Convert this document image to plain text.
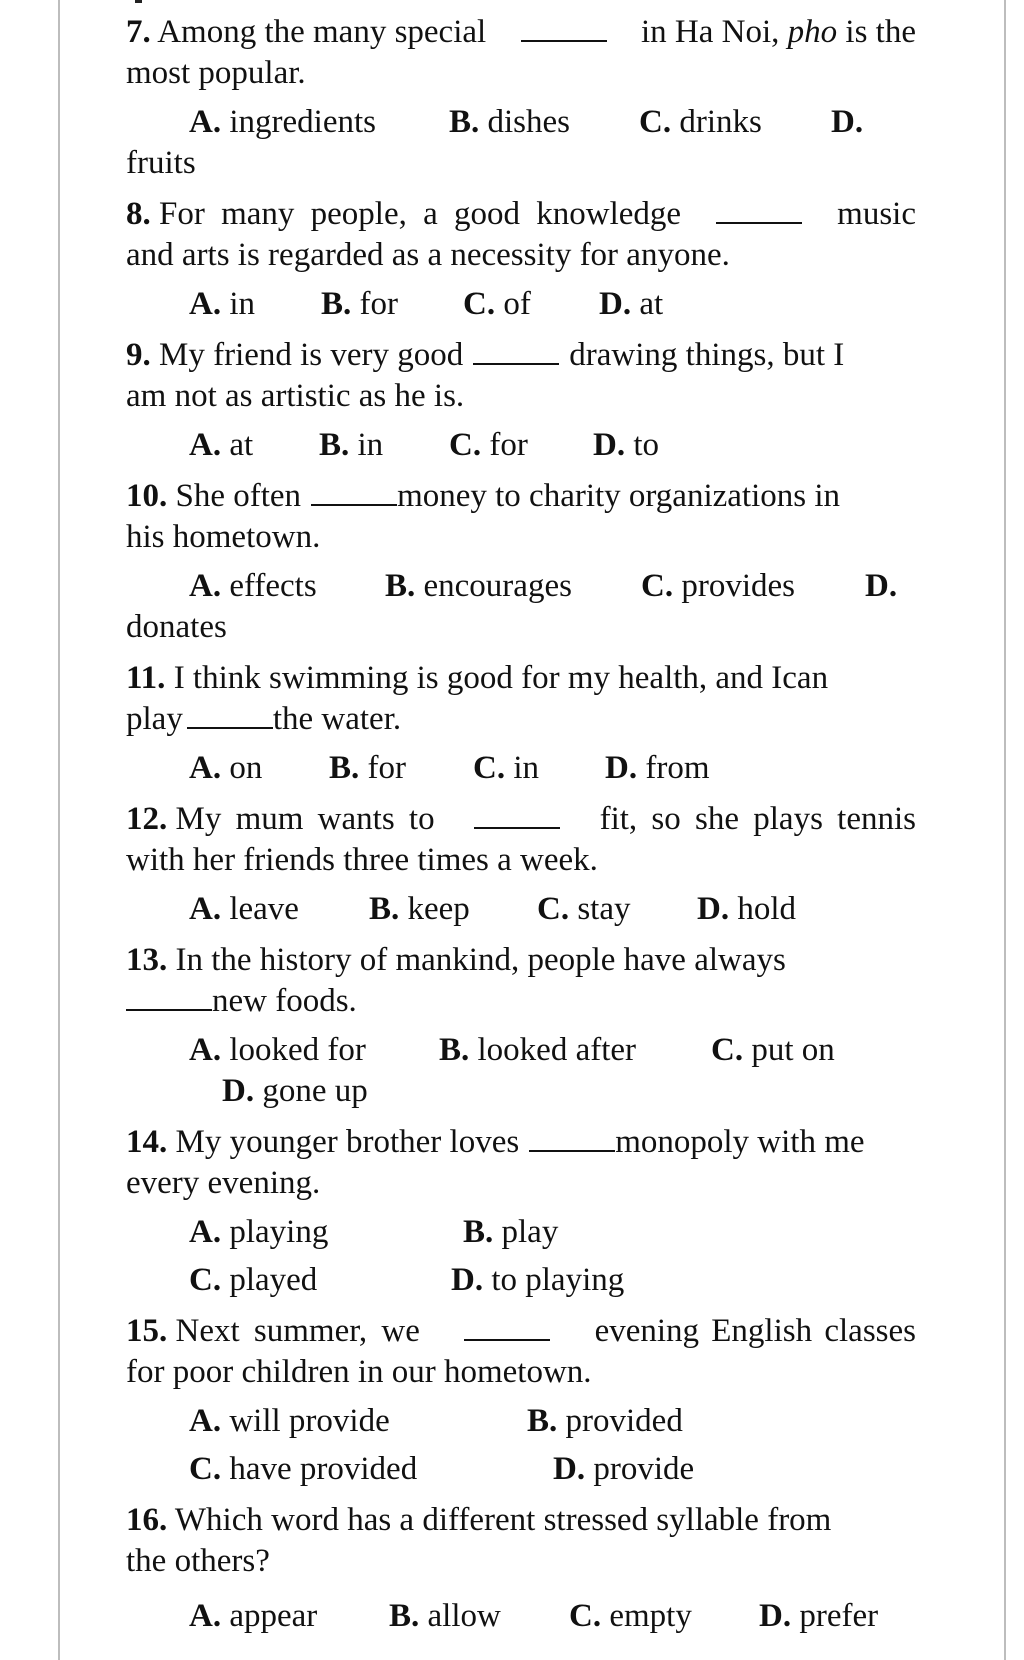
7. Among the many special	in Ha Noi, pho is the
most popular.
A. ingredients	B. dishes	C. drinks	D.
fruits
8. For many people, a good knowledge	music
and arts is regarded as a necessity for anyone.
A. in	B. for	C. of	D. at
9. My friend is very good	drawing things, but I
am not as artistic as he is.
A. at	B. in	C. for	D. to
10. She often	money to charity organizations in
his hometown.
A. effects	B. encourages	C. provides	D.
donates
11. I think swimming is good for my health, and Ican
play	the water.
A. on	B. for	C. in	D. from
12. My mum wants to	fit, so she plays tennis
with her friends three times a week.
A. leave	B. keep	C. stay	D. hold
13. In the history of mankind, people have always
new foods.
A. looked for	B. looked after	C. put on
D. gone up
14. My younger brother loves	monopoly with me
every evening.
A. playing	B. play
C. played	D. to playing
15. Next summer, we	evening English classes
for poor children in our hometown.
A. will provide	B. provided
C. have provided	D. provide
16. Which word has a different stressed syllable from
the others?
A. appear	B. allow	C. empty	D. prefer
